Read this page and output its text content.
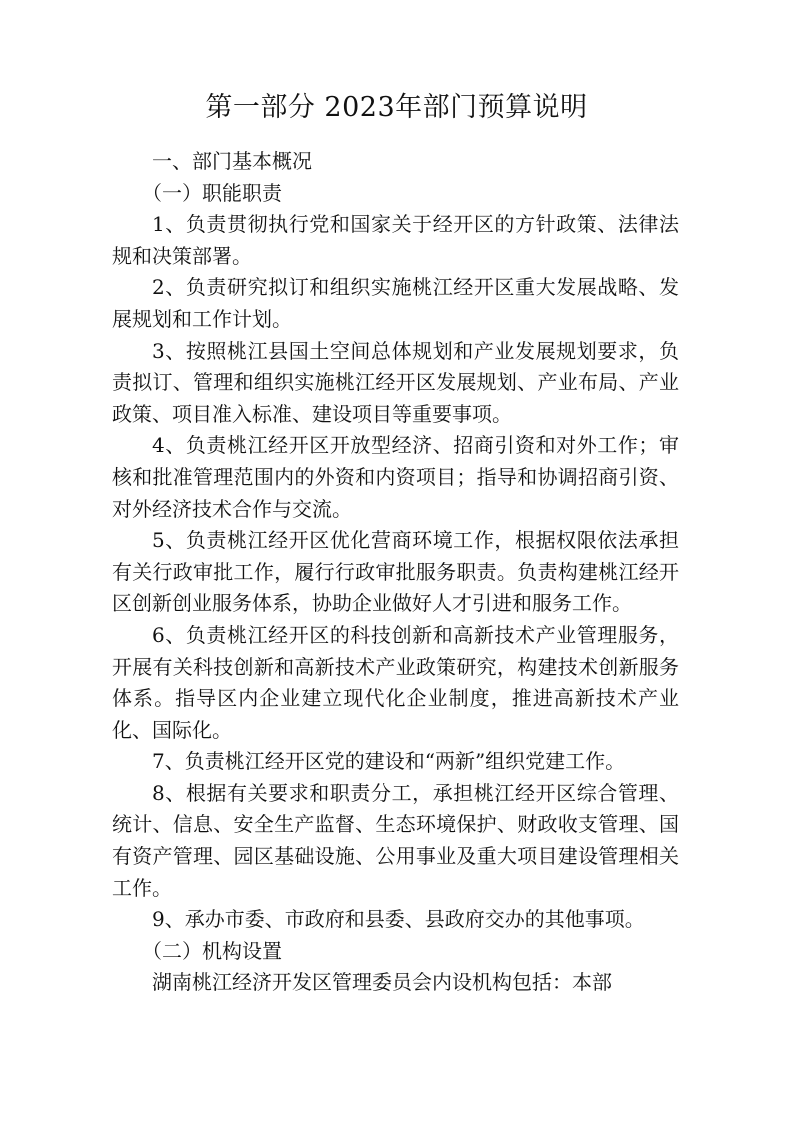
第一部分 2023年部门预算说明

一、部门基本概况

（一）职能职责

1、负责贯彻执行党和国家关于经开区的方针政策、法律法规和决策部署。

2、负责研究拟订和组织实施桃江经开区重大发展战略、发展规划和工作计划。

3、按照桃江县国土空间总体规划和产业发展规划要求，负责拟订、管理和组织实施桃江经开区发展规划、产业布局、产业政策、项目准入标准、建设项目等重要事项。

4、负责桃江经开区开放型经济、招商引资和对外工作；审核和批准管理范围内的外资和内资项目；指导和协调招商引资、对外经济技术合作与交流。

5、负责桃江经开区优化营商环境工作，根据权限依法承担有关行政审批工作，履行行政审批服务职责。负责构建桃江经开区创新创业服务体系，协助企业做好人才引进和服务工作。

6、负责桃江经开区的科技创新和高新技术产业管理服务，开展有关科技创新和高新技术产业政策研究，构建技术创新服务体系。指导区内企业建立现代化企业制度，推进高新技术产业化、国际化。

7、负责桃江经开区党的建设和“两新”组织党建工作。

8、根据有关要求和职责分工，承担桃江经开区综合管理、统计、信息、安全生产监督、生态环境保护、财政收支管理、国有资产管理、园区基础设施、公用事业及重大项目建设管理相关工作。

9、承办市委、市政府和县委、县政府交办的其他事项。

（二）机构设置

湖南桃江经济开发区管理委员会内设机构包括：本部
